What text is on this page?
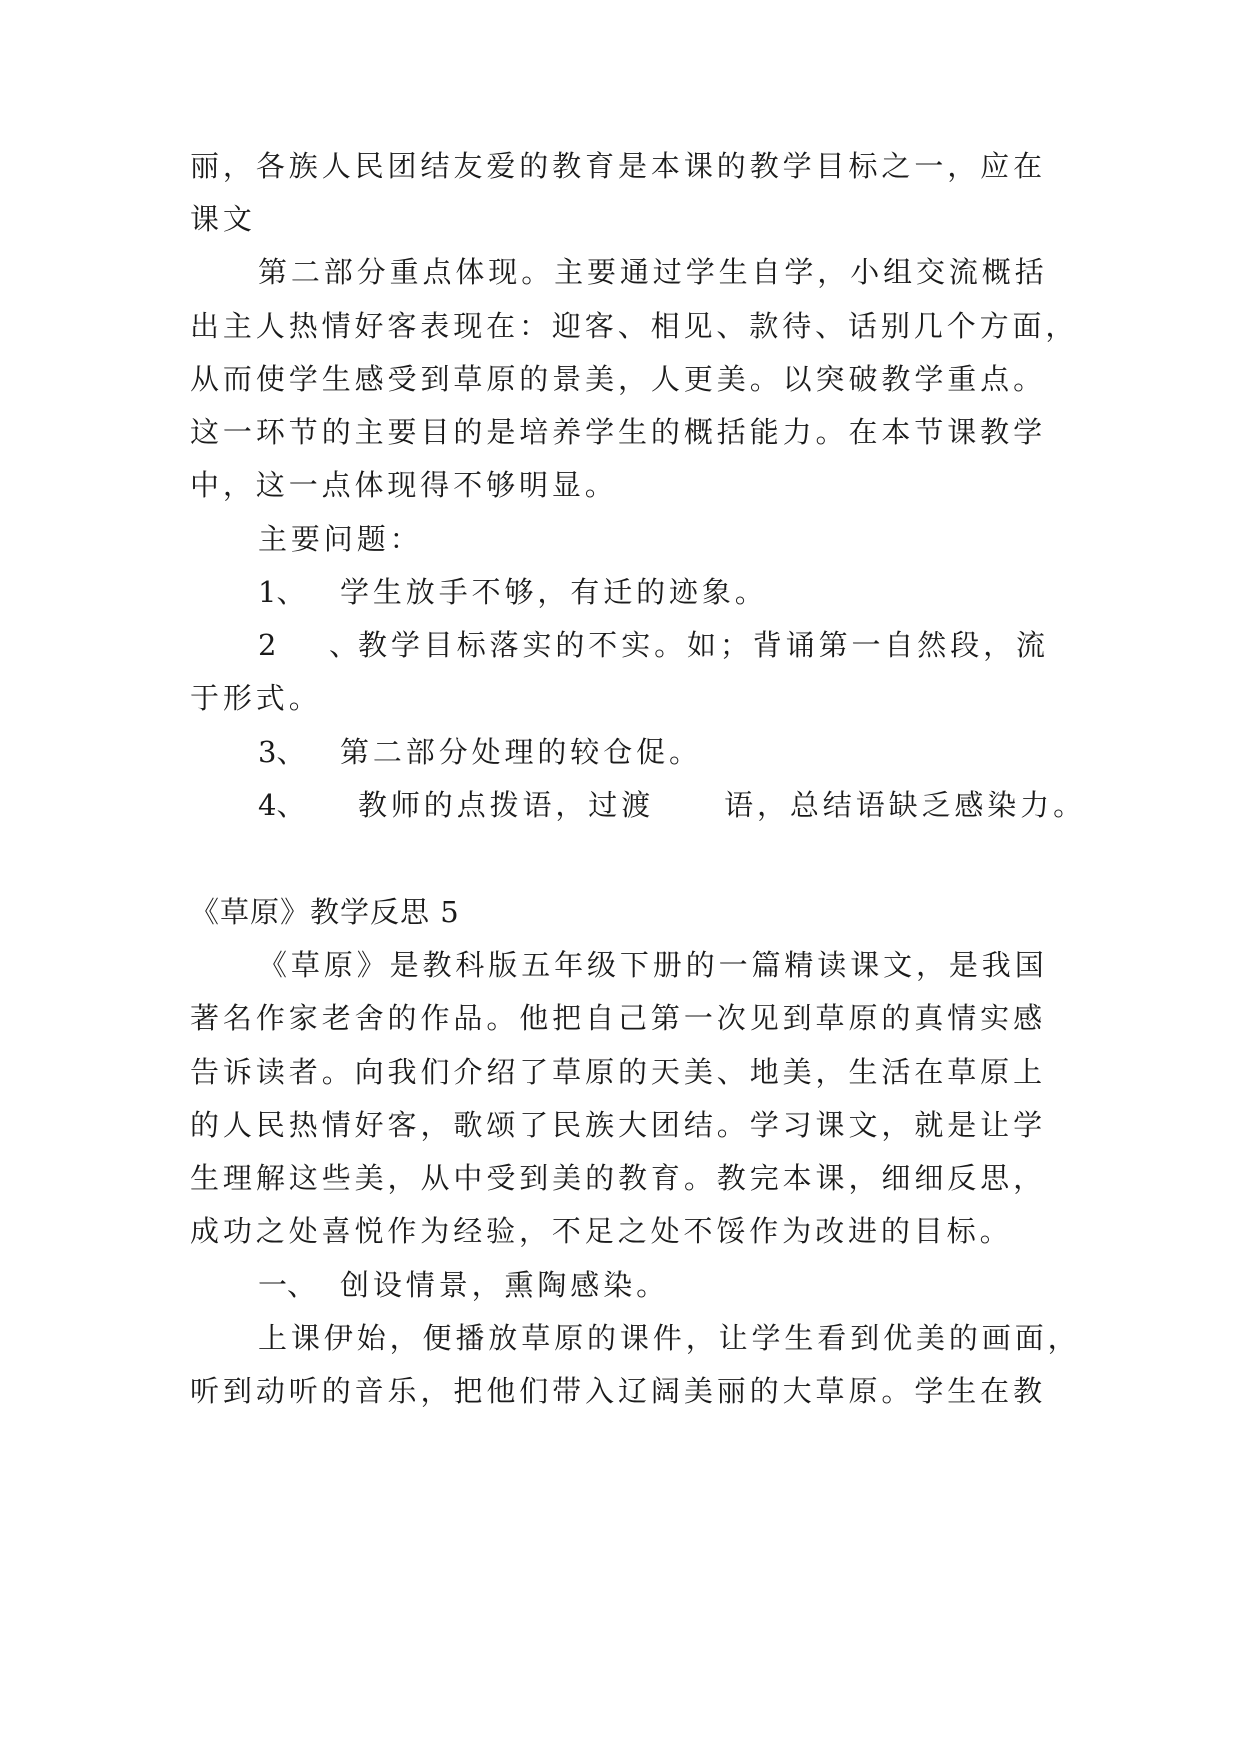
丽，各族人民团结友爱的教育是本课的教学目标之一，应在
课文
第二部分重点体现。主要通过学生自学，小组交流概括
出主人热情好客表现在：迎客、相见、款待、话别几个方面，
从而使学生感受到草原的景美，人更美。以突破教学重点。
这一环节的主要目的是培养学生的概括能力。在本节课教学
中，这一点体现得不够明显。
主要问题：
1、 学生放手不够，有迁的迹象。
2、教学目标落实的不实。如；背诵第一自然段，流
于形式。
3、 第二部分处理的较仓促。
4、 教师的点拨语，过渡 语，总结语缺乏感染力。
《草原》教学反思 5
《草原》是教科版五年级下册的一篇精读课文，是我国
著名作家老舍的作品。他把自己第一次见到草原的真情实感
告诉读者。向我们介绍了草原的天美、地美，生活在草原上
的人民热情好客，歌颂了民族大团结。学习课文，就是让学
生理解这些美，从中受到美的教育。教完本课，细细反思，
成功之处喜悦作为经验，不足之处不馁作为改进的目标。
一、 创设情景，熏陶感染。
上课伊始，便播放草原的课件，让学生看到优美的画面，
听到动听的音乐，把他们带入辽阔美丽的大草原。学生在教
